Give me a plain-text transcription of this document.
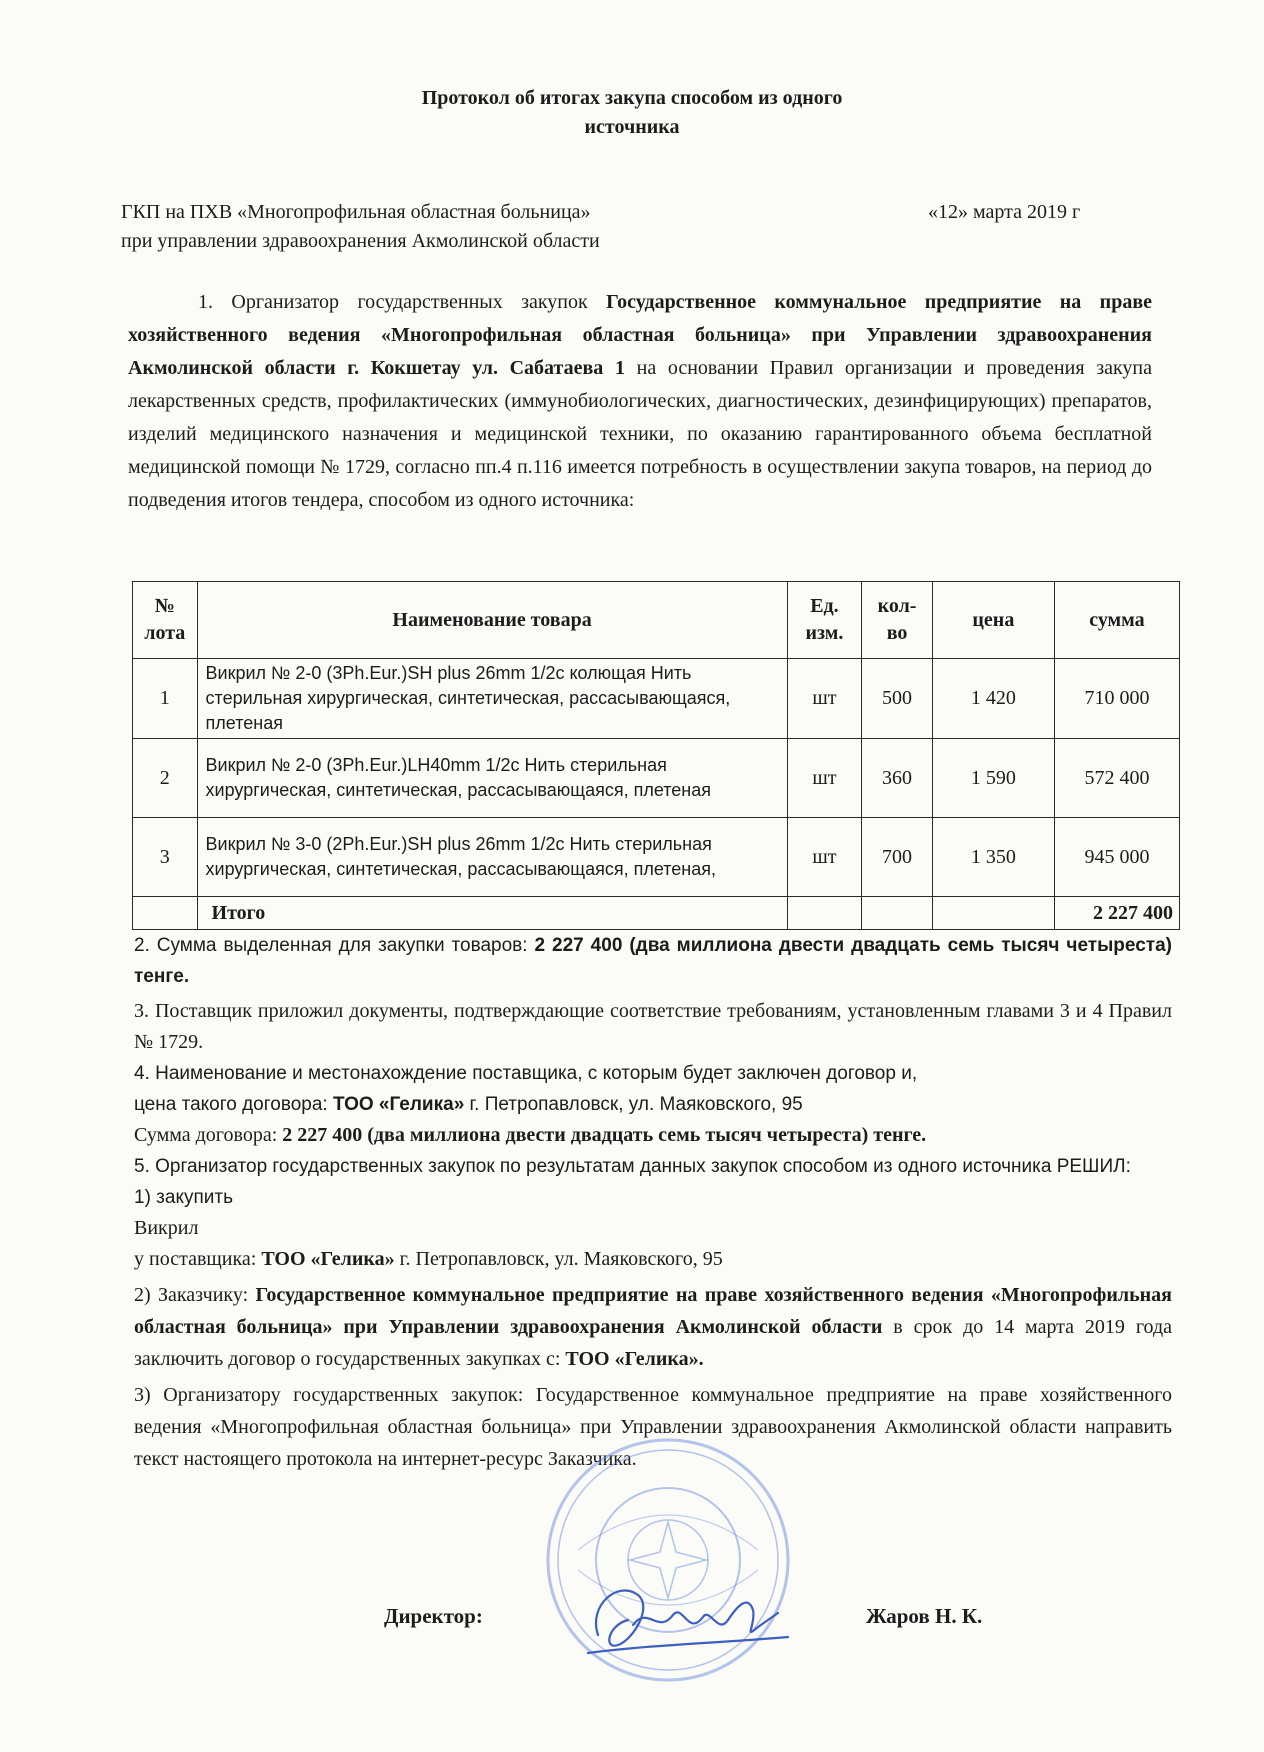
Протокол об итогах закупа способом из одного
источника
ГКП на ПХВ «Многопрофильная областная больница»
при управлении здравоохранения Акмолинской области
«12» марта 2019 г
1. Организатор государственных закупок Государственное коммунальное предприятие на праве хозяйственного ведения «Многопрофильная областная больница» при Управлении здравоохранения Акмолинской области г. Кокшетау ул. Сабатаева 1 на основании Правил организации и проведения закупа лекарственных средств, профилактических (иммунобиологических, диагностических, дезинфицирующих) препаратов, изделий медицинского назначения и медицинской техники, по оказанию гарантированного объема бесплатной медицинской помощи № 1729, согласно пп.4 п.116 имеется потребность в осуществлении закупа товаров, на период до подведения итогов тендера, способом из одного источника:
№ лота	Наименование товара	Ед. изм.	кол-во	цена	сумма
1	Викрил № 2-0 (3Ph.Eur.)SH plus 26mm 1/2c колющая Нить стерильная хирургическая, синтетическая, рассасывающаяся, плетеная	шт	500	1 420	710 000
2	Викрил № 2-0 (3Ph.Eur.)LH40mm 1/2c Нить стерильная хирургическая, синтетическая, рассасывающаяся, плетеная	шт	360	1 590	572 400
3	Викрил № 3-0 (2Ph.Eur.)SH plus 26mm 1/2c Нить стерильная хирургическая, синтетическая, рассасывающаяся, плетеная,	шт	700	1 350	945 000
	Итого				2 227 400

2. Сумма выделенная для закупки товаров: 2 227 400 (два миллиона двести двадцать семь тысяч четыреста) тенге.

3. Поставщик приложил документы, подтверждающие соответствие требованиям, установленным главами 3 и 4 Правил № 1729.

4. Наименование и местонахождение поставщика, с которым будет заключен договор и,

цена такого договора: ТОО «Гелика» г. Петропавловск, ул. Маяковского, 95

Сумма договора: 2 227 400 (два миллиона двести двадцать семь тысяч четыреста) тенге.

5. Организатор государственных закупок по результатам данных закупок способом из одного источника РЕШИЛ:

1) закупить

Викрил

у поставщика: ТОО «Гелика» г. Петропавловск, ул. Маяковского, 95

2) Заказчику: Государственное коммунальное предприятие на праве хозяйственного ведения «Многопрофильная областная больница» при Управлении здравоохранения Акмолинской области в срок до 14 марта 2019 года заключить договор о государственных закупках с: ТОО «Гелика».

3) Организатору государственных закупок: Государственное коммунальное предприятие на праве хозяйственного ведения «Многопрофильная областная больница» при Управлении здравоохранения Акмолинской области направить текст настоящего протокола на интернет-ресурс Заказчика.

Директор:	Жаров Н. К.
